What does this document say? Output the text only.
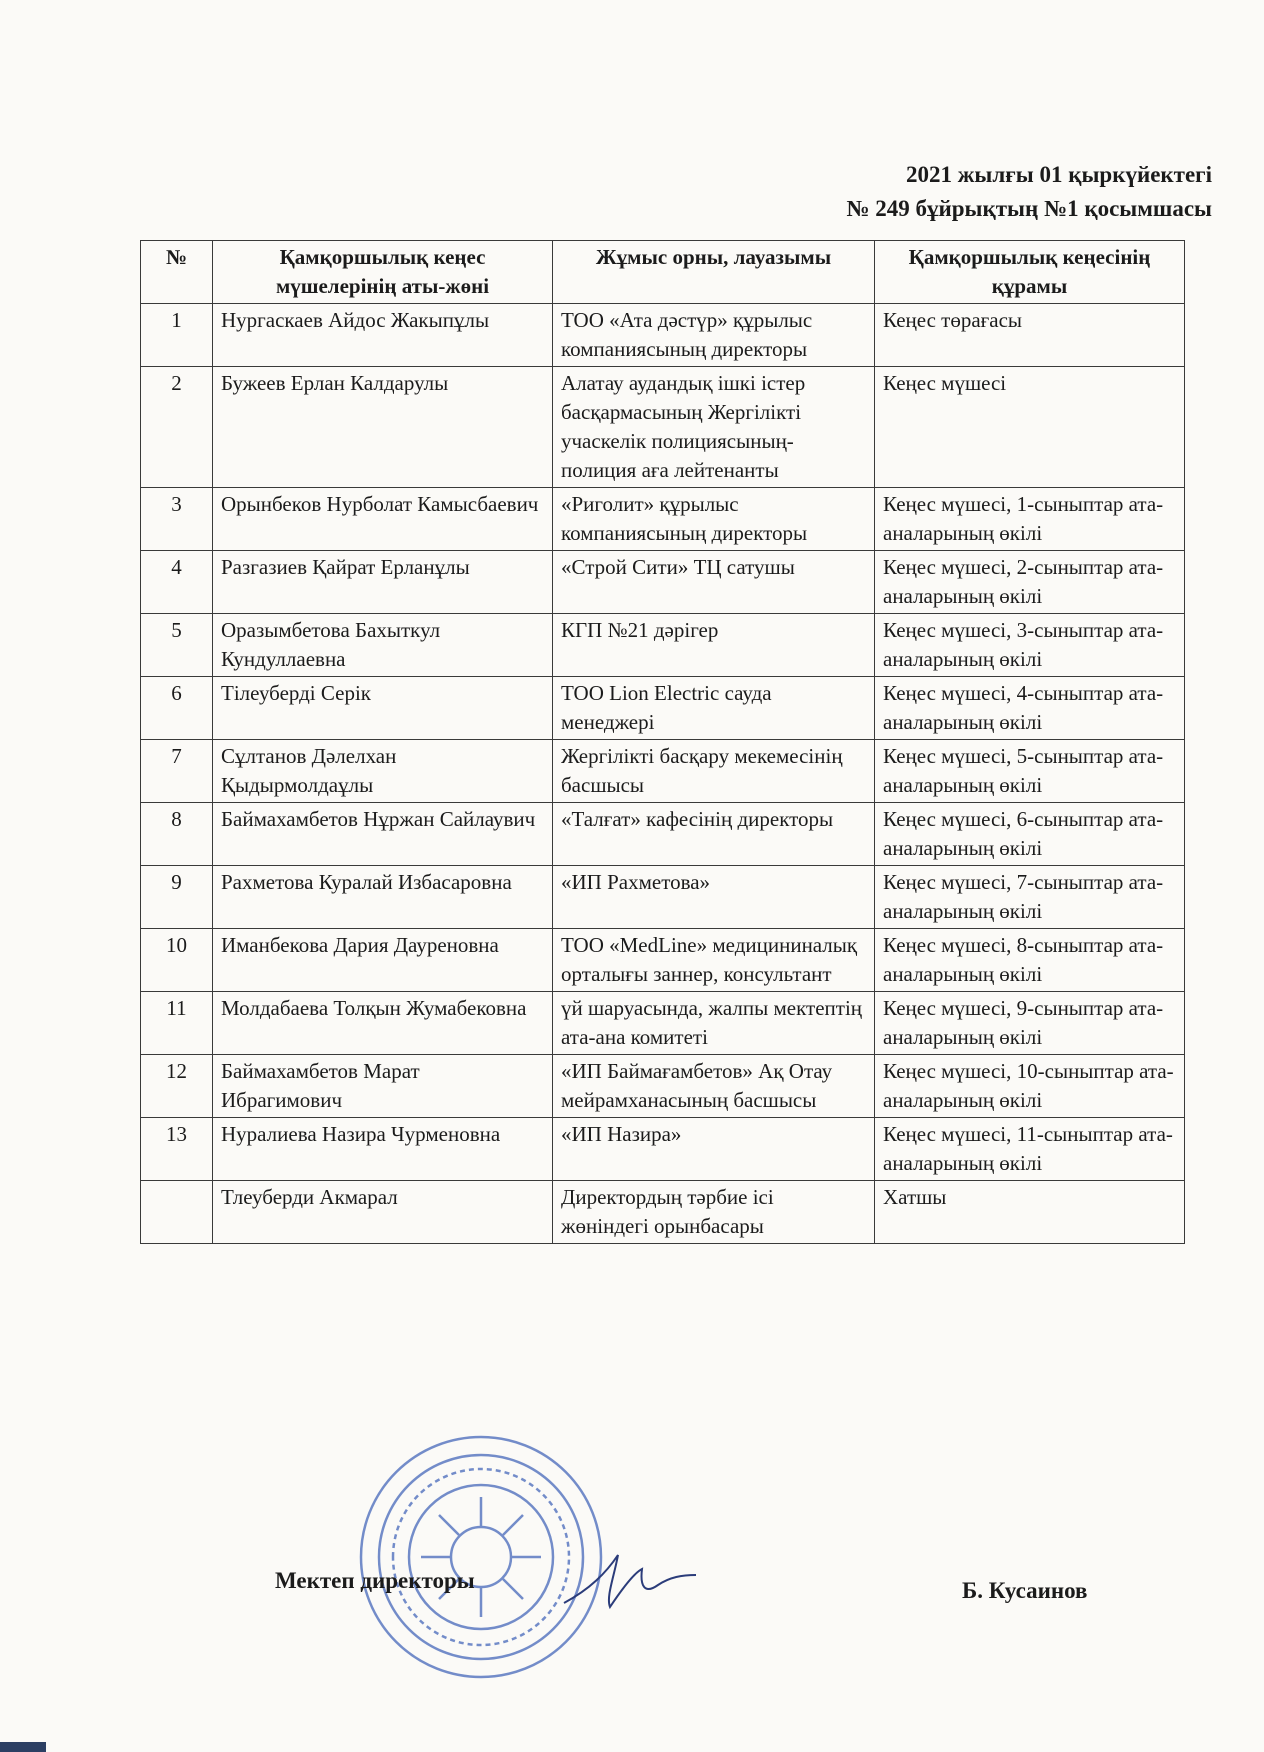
2021 жылғы 01 қыркүйектегі
№ 249 бұйрықтың №1 қосымшасы
№	Қамқоршылық кеңес мүшелерінің аты-жөні	Жұмыс орны, лауазымы	Қамқоршылық кеңесінің құрамы
1	Нургаскаев Айдос Жакыпұлы	ТОО «Ата дәстүр» құрылыс компаниясының директоры	Кеңес төрағасы
2	Бужеев Ерлан Калдарулы	Алатау аудандық ішкі істер басқармасының Жергілікті учаскелік полициясының- полиция аға лейтенанты	Кеңес мүшесі
3	Орынбеков Нурболат Камысбаевич	«Риголит» құрылыс компаниясының директоры	Кеңес мүшесі, 1-сыныптар ата-аналарының өкілі
4	Разгазиев Қайрат Ерланұлы	«Строй Сити» ТЦ сатушы	Кеңес мүшесі, 2-сыныптар ата-аналарының өкілі
5	Оразымбетова Бахыткул Кундуллаевна	КГП №21 дәрігер	Кеңес мүшесі, 3-сыныптар ата-аналарының өкілі
6	Тілеуберді Серік	ТОО Lion Electric сауда менеджері	Кеңес мүшесі, 4-сыныптар ата-аналарының өкілі
7	Сұлтанов Дәлелхан Қыдырмолдаұлы	Жергілікті басқару мекемесінің басшысы	Кеңес мүшесі, 5-сыныптар ата-аналарының өкілі
8	Баймахамбетов Нұржан Сайлаувич	«Талғат» кафесінің директоры	Кеңес мүшесі, 6-сыныптар ата-аналарының өкілі
9	Рахметова Куралай Избасаровна	«ИП Рахметова»	Кеңес мүшесі, 7-сыныптар ата-аналарының өкілі
10	Иманбекова Дария Дауреновна	ТОО «MedLine» медицининалық орталығы заннер, консультант	Кеңес мүшесі, 8-сыныптар ата-аналарының өкілі
11	Молдабаева Толқын Жумабековна	үй шаруасында, жалпы мектептің ата-ана комитеті	Кеңес мүшесі, 9-сыныптар ата-аналарының өкілі
12	Баймахамбетов Марат Ибрагимович	«ИП Баймағамбетов» Ақ Отау мейрамханасының басшысы	Кеңес мүшесі, 10-сыныптар ата-аналарының өкілі
13	Нуралиева Назира Чурменовна	«ИП Назира»	Кеңес мүшесі, 11-сыныптар ата-аналарының өкілі
	Тлеуберди Акмарал	Директордың тәрбие ісі жөніндегі орынбасары	Хатшы
Мектеп директоры	Б. Кусаинов
